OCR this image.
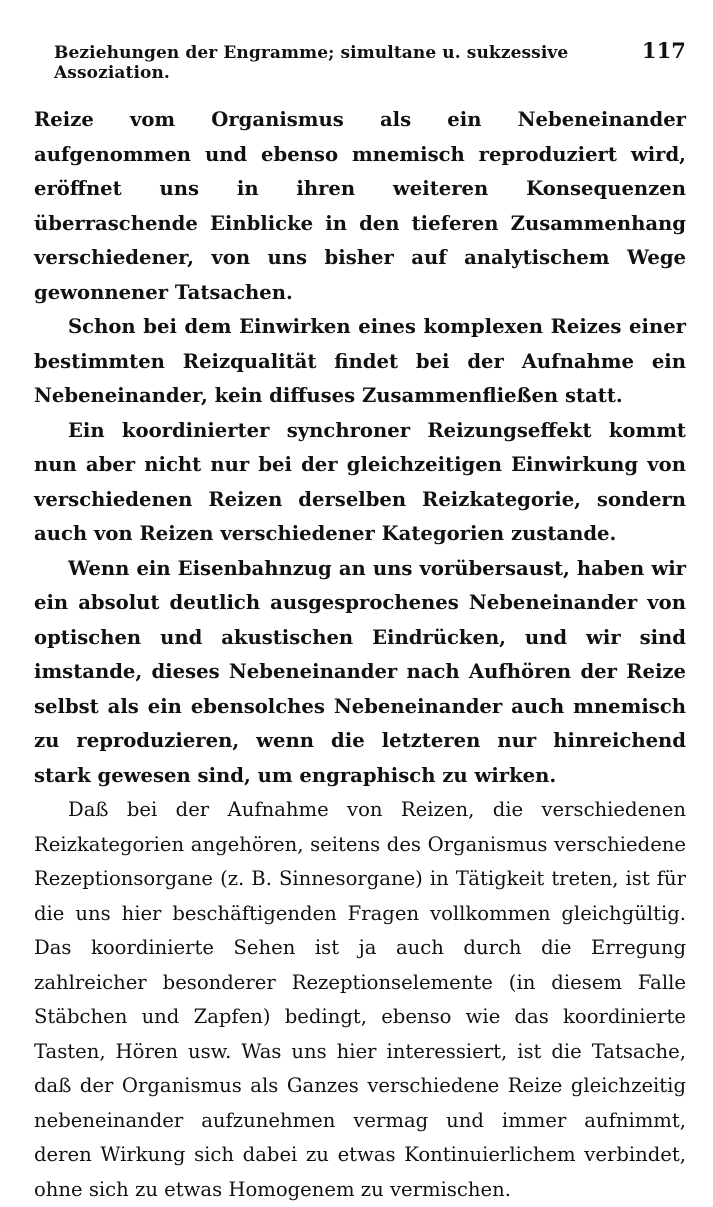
Beziehungen der Engramme; simultane u. sukzessive Assoziation.
117

Reize vom Organismus als ein Nebeneinander aufgenommen und ebenso mnemisch reproduziert wird, eröffnet uns in ihren weiteren Konsequenzen überraschende Einblicke in den tieferen Zusammenhang verschiedener, von uns bisher auf analytischem Wege gewonnener Tatsachen.

Schon bei dem Einwirken eines komplexen Reizes einer bestimmten Reizqualität findet bei der Aufnahme ein Nebeneinander, kein diffuses Zusammenfließen statt.

Ein koordinierter synchroner Reizungseffekt kommt nun aber nicht nur bei der gleichzeitigen Einwirkung von verschiedenen Reizen derselben Reizkategorie, sondern auch von Reizen verschiedener Kategorien zustande.

Wenn ein Eisenbahnzug an uns vorübersaust, haben wir ein absolut deutlich ausgesprochenes Nebeneinander von optischen und akustischen Eindrücken, und wir sind imstande, dieses Nebeneinander nach Aufhören der Reize selbst als ein ebensolches Nebeneinander auch mnemisch zu reproduzieren, wenn die letzteren nur hinreichend stark gewesen sind, um engraphisch zu wirken.

Daß bei der Aufnahme von Reizen, die verschiedenen Reizkategorien angehören, seitens des Organismus verschiedene Rezeptionsorgane (z. B. Sinnesorgane) in Tätigkeit treten, ist für die uns hier beschäftigenden Fragen vollkommen gleichgültig. Das koordinierte Sehen ist ja auch durch die Erregung zahlreicher besonderer Rezeptionselemente (in diesem Falle Stäbchen und Zapfen) bedingt, ebenso wie das koordinierte Tasten, Hören usw. Was uns hier interessiert, ist die Tatsache, daß der Organismus als Ganzes verschiedene Reize gleichzeitig nebeneinander aufzunehmen vermag und immer aufnimmt, deren Wirkung sich dabei zu etwas Kontinuierlichem verbindet, ohne sich zu etwas Homogenem zu vermischen.
